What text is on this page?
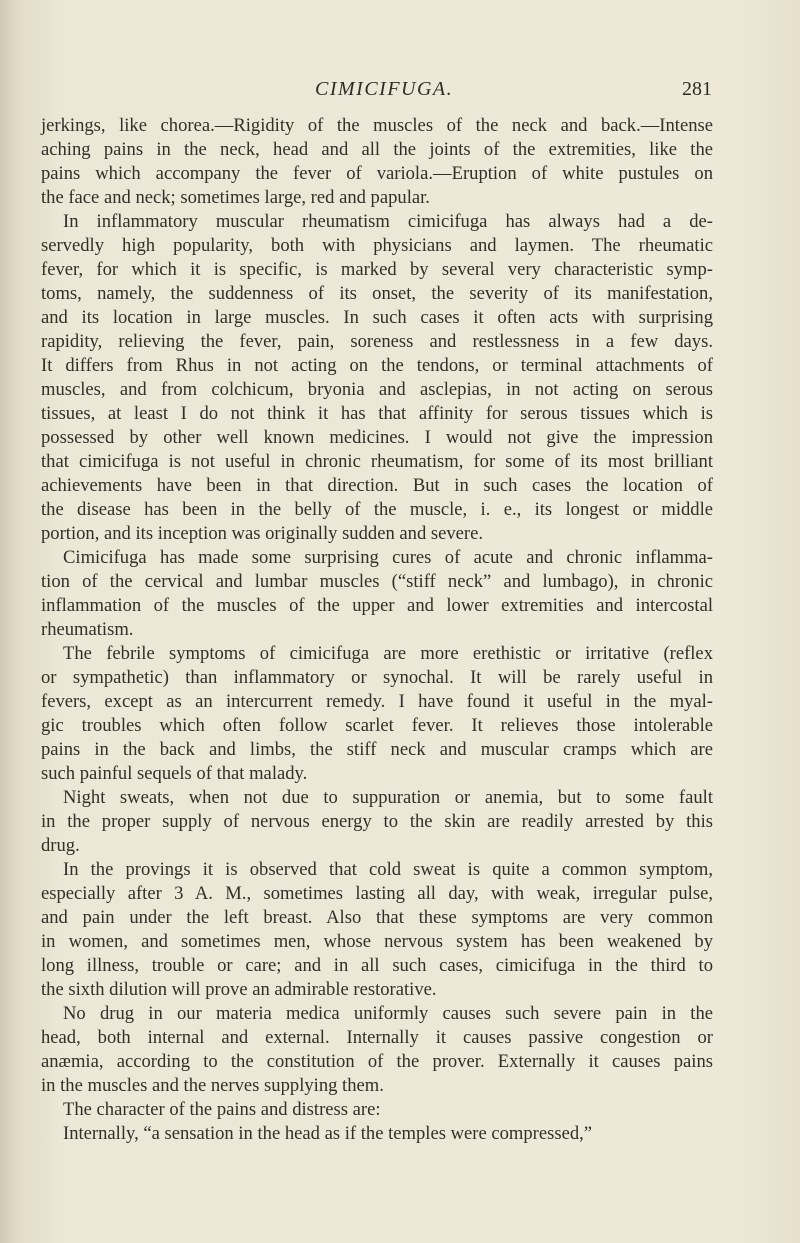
CIMICIFUGA.	281
jerkings, like chorea.—Rigidity of the muscles of the neck and back.—Intense
aching pains in the neck, head and all the joints of the extremities, like the
pains which accompany the fever of variola.—Eruption of white pustules on
the face and neck; sometimes large, red and papular.
In inflammatory muscular rheumatism cimicifuga has always had a de-
servedly high popularity, both with physicians and laymen. The rheumatic
fever, for which it is specific, is marked by several very characteristic symp-
toms, namely, the suddenness of its onset, the severity of its manifestation,
and its location in large muscles. In such cases it often acts with surprising
rapidity, relieving the fever, pain, soreness and restlessness in a few days.
It differs from Rhus in not acting on the tendons, or terminal attachments of
muscles, and from colchicum, bryonia and asclepias, in not acting on serous
tissues, at least I do not think it has that affinity for serous tissues which is
possessed by other well known medicines. I would not give the impression
that cimicifuga is not useful in chronic rheumatism, for some of its most brilliant
achievements have been in that direction. But in such cases the location of
the disease has been in the belly of the muscle, i. e., its longest or middle
portion, and its inception was originally sudden and severe.
Cimicifuga has made some surprising cures of acute and chronic inflamma-
tion of the cervical and lumbar muscles (“stiff neck” and lumbago), in chronic
inflammation of the muscles of the upper and lower extremities and intercostal
rheumatism.
The febrile symptoms of cimicifuga are more erethistic or irritative (reflex
or sympathetic) than inflammatory or synochal. It will be rarely useful in
fevers, except as an intercurrent remedy. I have found it useful in the myal-
gic troubles which often follow scarlet fever. It relieves those intolerable
pains in the back and limbs, the stiff neck and muscular cramps which are
such painful sequels of that malady.
Night sweats, when not due to suppuration or anemia, but to some fault
in the proper supply of nervous energy to the skin are readily arrested by this
drug.
In the provings it is observed that cold sweat is quite a common symptom,
especially after 3 A. M., sometimes lasting all day, with weak, irregular pulse,
and pain under the left breast. Also that these symptoms are very common
in women, and sometimes men, whose nervous system has been weakened by
long illness, trouble or care; and in all such cases, cimicifuga in the third to
the sixth dilution will prove an admirable restorative.
No drug in our materia medica uniformly causes such severe pain in the
head, both internal and external. Internally it causes passive congestion or
anæmia, according to the constitution of the prover. Externally it causes pains
in the muscles and the nerves supplying them.
The character of the pains and distress are:
Internally, “a sensation in the head as if the temples were compressed,”
